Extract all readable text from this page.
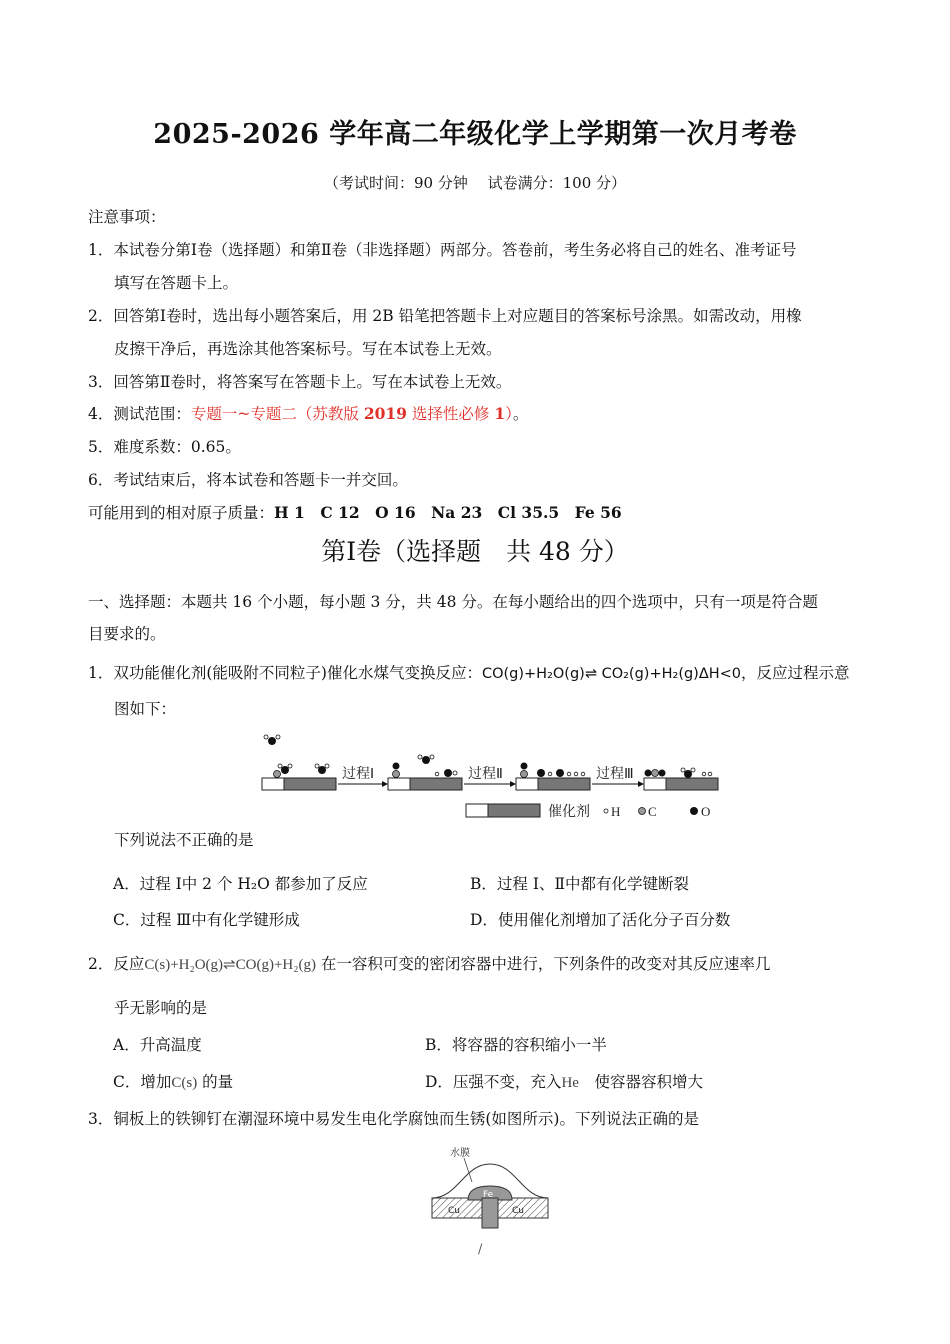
2025-2026 学年高二年级化学上学期第一次月考卷
（考试时间：90 分钟　 试卷满分：100 分）
注意事项：
1．本试卷分第Ⅰ卷（选择题）和第Ⅱ卷（非选择题）两部分。答卷前，考生务必将自己的姓名、准考证号
填写在答题卡上。
2．回答第Ⅰ卷时，选出每小题答案后，用 2B 铅笔把答题卡上对应题目的答案标号涂黑。如需改动，用橡
皮擦干净后，再选涂其他答案标号。写在本试卷上无效。
3．回答第Ⅱ卷时，将答案写在答题卡上。写在本试卷上无效。
4．测试范围：专题一~专题二（苏教版 2019 选择性必修 1）。
5．难度系数：0.65。
6．考试结束后，将本试卷和答题卡一并交回。
可能用到的相对原子质量：H 1　C 12　O 16　Na 23　Cl 35.5　Fe 56
第Ⅰ卷（选择题　共 48 分）
一、选择题：本题共 16 个小题，每小题 3 分，共 48 分。在每小题给出的四个选项中，只有一项是符合题
目要求的。
1．双功能催化剂(能吸附不同粒子)催化水煤气变换反应：CO(g)+H₂O(g)⇌ CO₂(g)+H₂(g)ΔH<0，反应过程示意
图如下：
过程Ⅰ	过程Ⅱ	过程Ⅲ
催化剂 H C	O
下列说法不正确的是
A．过程 Ⅰ中 2 个 H₂O 都参加了反应	B．过程 Ⅰ、Ⅱ中都有化学键断裂
C．过程 Ⅲ中有化学键形成	D．使用催化剂增加了活化分子百分数
2．反应C(s)+H₂O(g)⇌CO(g)+H₂(g) 在一容积可变的密闭容器中进行，下列条件的改变对其反应速率几
乎无影响的是
A．升高温度	B．将容器的容积缩小一半
C．增加C(s) 的量	D．压强不变，充入He　 使容器容积增大
3．铜板上的铁铆钉在潮湿环境中易发生电化学腐蚀而生锈(如图所示)。下列说法正确的是
水膜
Fe
Cu	Cu
/
